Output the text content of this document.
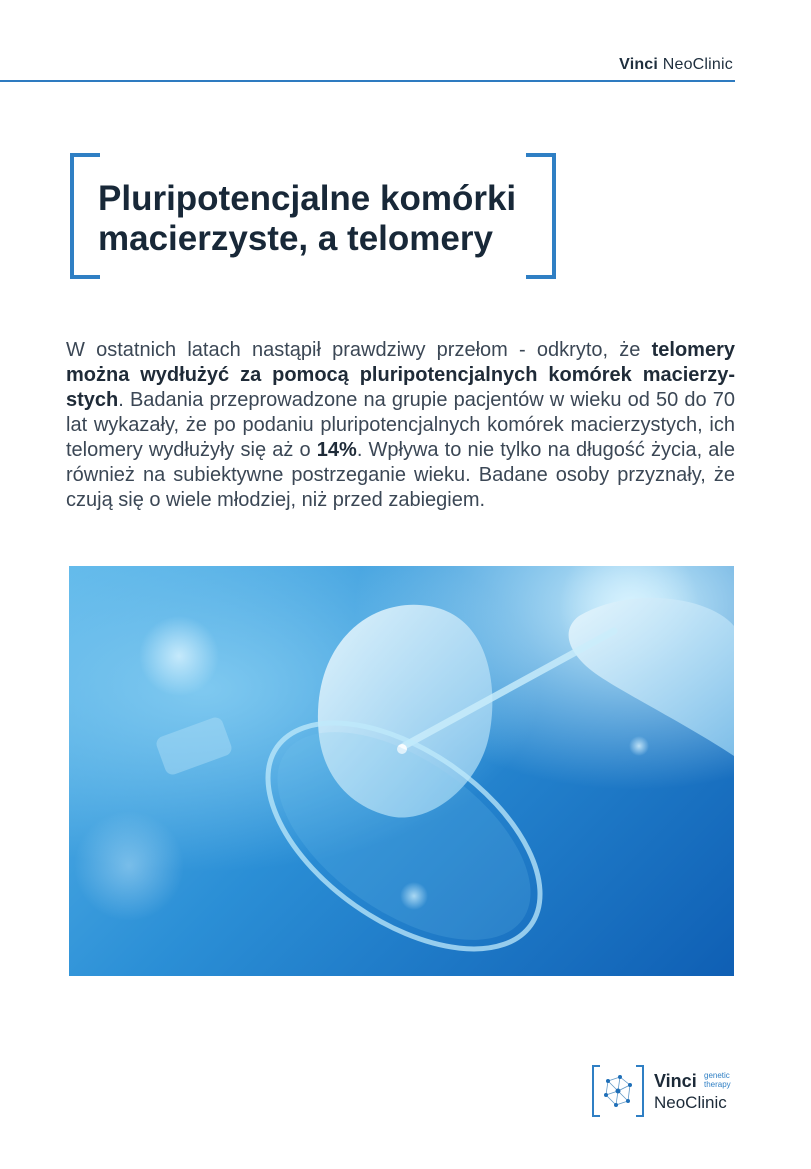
Vinci NeoClinic
Pluripotencjalne komórki
macierzyste, a telomery

W ostatnich latach nastąpił prawdziwy przełom - odkryto, że telomery można wydłużyć za pomocą pluripotencjalnych komórek macierzy-stych. Badania przeprowadzone na grupie pacjentów w wieku od 50 do 70 lat wykazały, że po podaniu pluripotencjalnych komórek macierzystych, ich telomery wydłużyły się aż o 14%. Wpływa to nie tylko na długość życia, ale również na subiektywne postrzeganie wieku. Badane osoby przyznały, że czują się o wiele młodziej, niż przed zabiegiem.

Vinci genetic
therapy
NeoClinic
